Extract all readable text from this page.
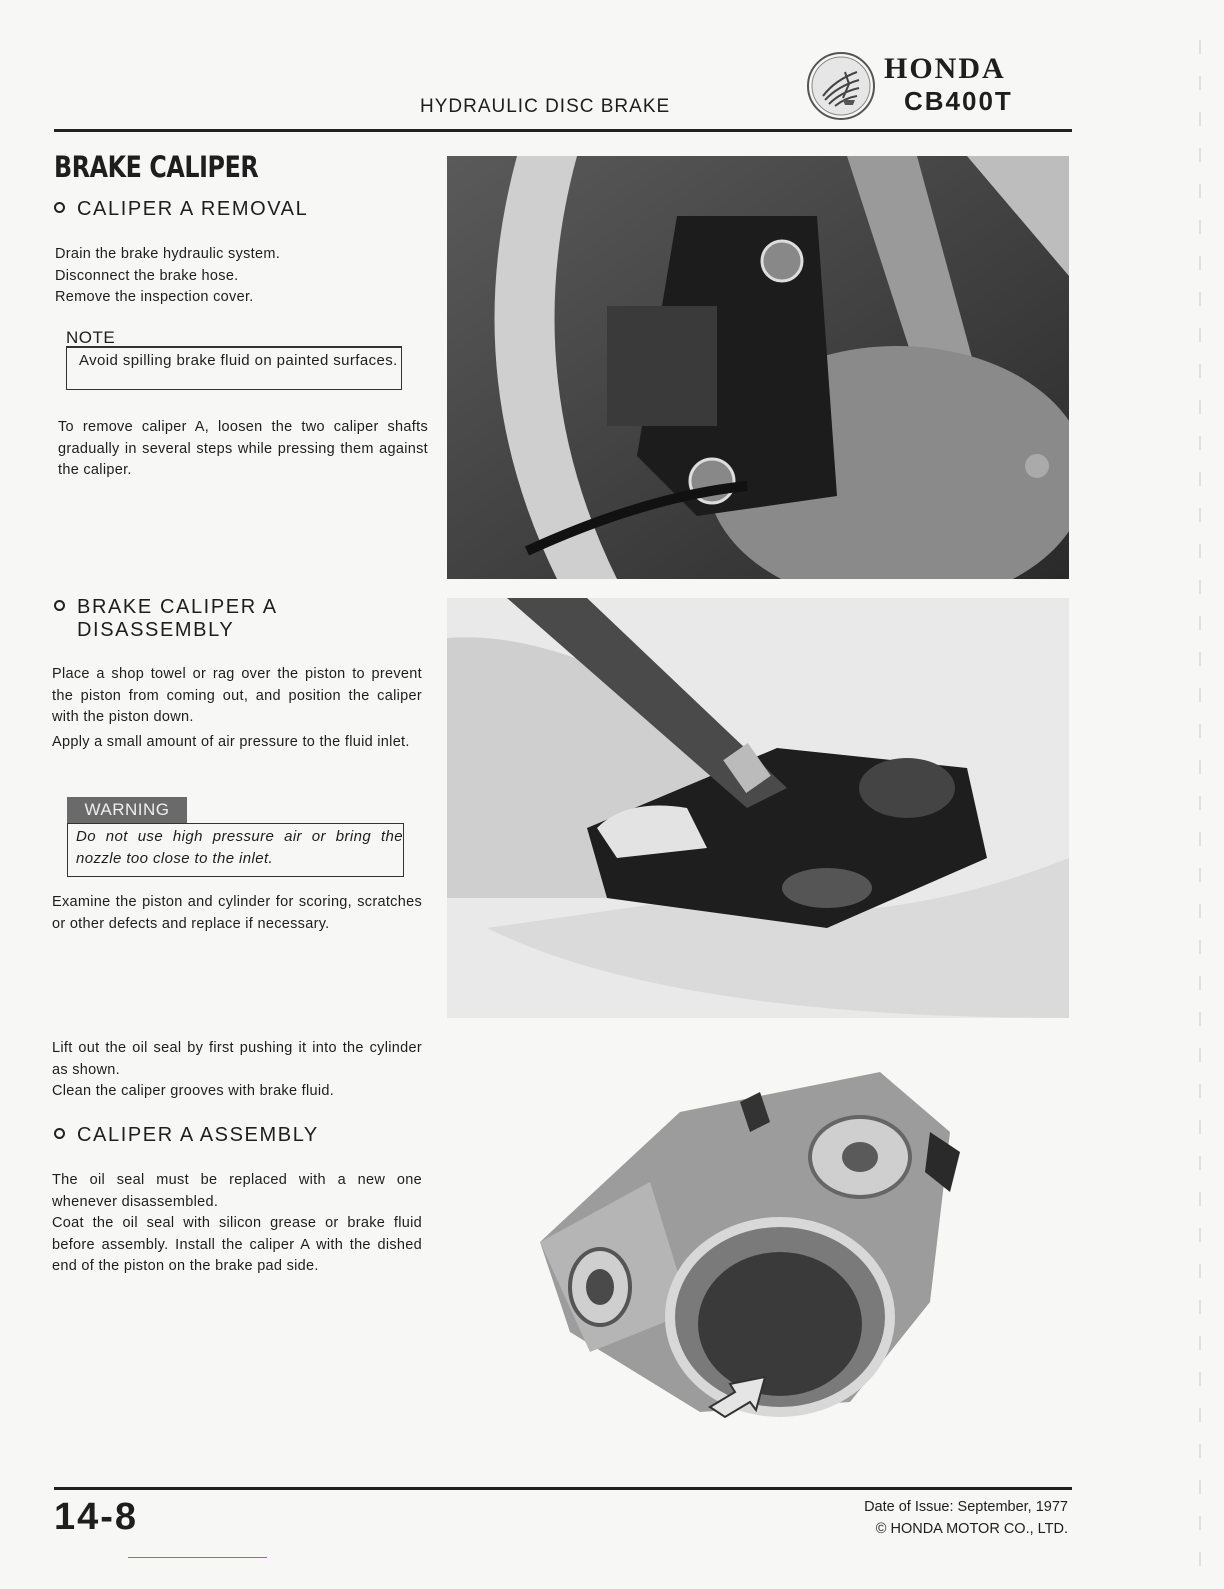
HYDRAULIC DISC BRAKE
HONDA
CB400T
BRAKE CALIPER
CALIPER A REMOVAL

Drain the brake hydraulic system.

Disconnect the brake hose.

Remove the inspection cover.

NOTE
Avoid spilling brake fluid on painted surfaces.
To remove caliper A, loosen the two caliper shafts gradually in several steps while pressing them against the caliper.
BRAKE CALIPER A
DISASSEMBLY

Place a shop towel or rag over the piston to prevent the piston from coming out, and position the caliper with the piston down.

Apply a small amount of air pressure to the fluid inlet.

WARNING
Do not use high pressure air or bring the nozzle too close to the inlet.
Examine the piston and cylinder for scoring, scratches or other defects and replace if necessary.

Lift out the oil seal by first pushing it into the cylinder as shown.

Clean the caliper grooves with brake fluid.

CALIPER A ASSEMBLY

The oil seal must be replaced with a new one whenever disassembled.

Coat the oil seal with silicon grease or brake fluid before assembly. Install the caliper A with the dished end of the piston on the brake pad side.

14-8	Date of Issue: September, 1977
© HONDA MOTOR CO., LTD.
